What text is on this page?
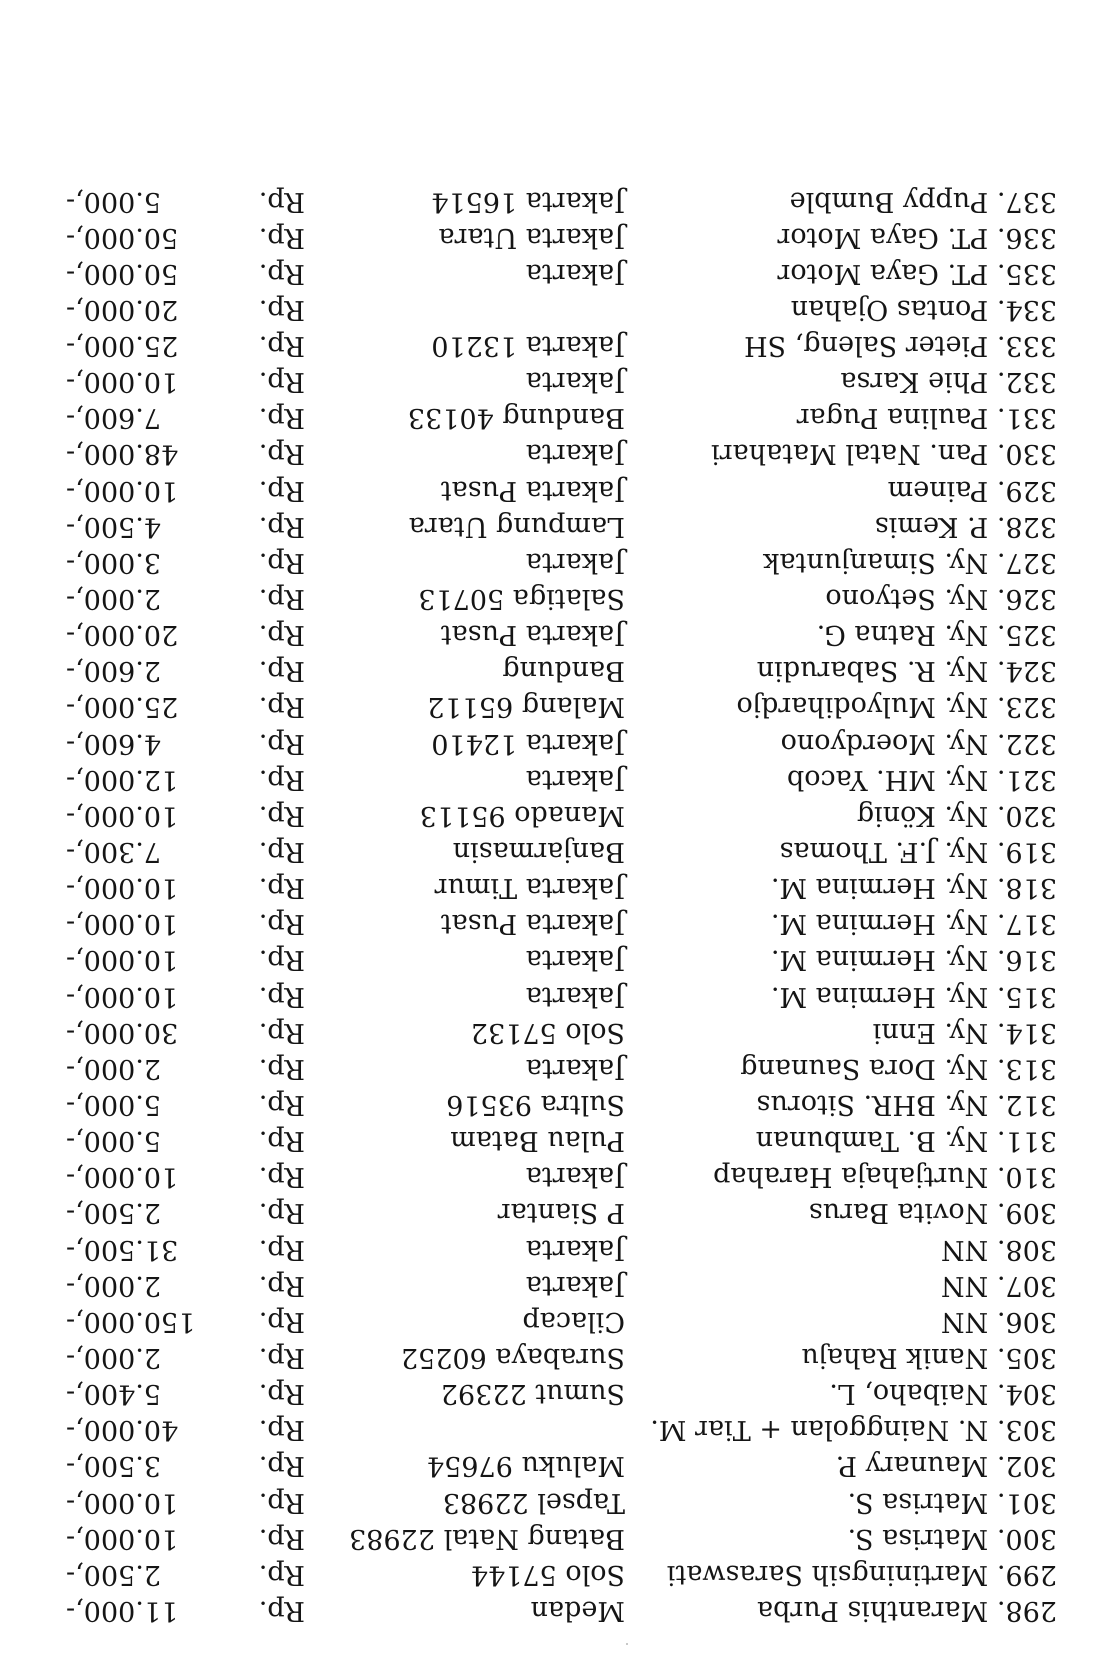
298. Maranthis Purba
Medan
Rp.
11.000,-
299. Martiningsih Saraswati
Solo 57144
Rp.
2.500,-
300. Matrisa S.
Batang Natal 22983
Rp.
10.000,-
301. Matrisa S.
Tapsel 22983
Rp.
10.000,-
302. Maunary P.
Maluku 97654
Rp.
3.500,-
303. N. Nainggolan + Tiar M.
Rp.
40.000,-
304. Naibaho, L.
Sumut 22392
Rp.
5.400,-
305. Nanik Rahaju
Surabaya 60252
Rp.
2.000,-
306. NN
Cilacap
Rp.
150.000,-
307. NN
Jakarta
Rp.
2.000,-
308. NN
Jakarta
Rp.
31.500,-
309. Novita Barus
P Siantar
Rp.
2.500,-
310. Nurtjahaja Harahap
Jakarta
Rp.
10.000,-
311. Ny. B. Tambunan
Pulau Batam
Rp.
5.000,-
312. Ny. BHR. Sitorus
Sultra 93516
Rp.
5.000,-
313. Ny. Dora Saunang
Jakarta
Rp.
2.000,-
314. Ny. Enni
Solo 57132
Rp.
30.000,-
315. Ny. Hermina M.
Jakarta
Rp.
10.000,-
316. Ny. Hermina M.
Jakarta
Rp.
10.000,-
317. Ny. Hermina M.
Jakarta Pusat
Rp.
10.000,-
318. Ny. Hermina M.
Jakarta Timur
Rp.
10.000,-
319. Ny. J.F. Thomas
Banjarmasin
Rp.
7.300,-
320. Ny. König
Manado 95113
Rp.
10.000,-
321. Ny. MH. Yacob
Jakarta
Rp.
12.000,-
322. Ny. Moerdyono
Jakarta 12410
Rp.
4.600,-
323. Ny. Mulyodihardjo
Malang 65112
Rp.
25.000,-
324. Ny. R. Sabarudin
Bandung
Rp.
2.600,-
325. Ny. Ratna G.
Jakarta Pusat
Rp.
20.000,-
326. Ny. Setyono
Salatiga 50713
Rp.
2.000,-
327. Ny. Simanjuntak
Jakarta
Rp.
3.000,-
328. P. Kemis
Lampung Utara
Rp.
4.500,-
329. Painem
Jakarta Pusat
Rp.
10.000,-
330. Pan. Natal Matahari
Jakarta
Rp.
48.000,-
331. Paulina Pugar
Bandung 40133
Rp.
7.600,-
332. Phie Karsa
Jakarta
Rp.
10.000,-
333. Pieter Saleng, SH
Jakarta 13210
Rp.
25.000,-
334. Pontas Ojahan
Rp.
20.000,-
335. PT. Gaya Motor
Jakarta
Rp.
50.000,-
336. PT. Gaya Motor
Jakarta Utara
Rp.
50.000,-
337. Puppy Bumble
Jakarta 16514
Rp.
5.000,-
